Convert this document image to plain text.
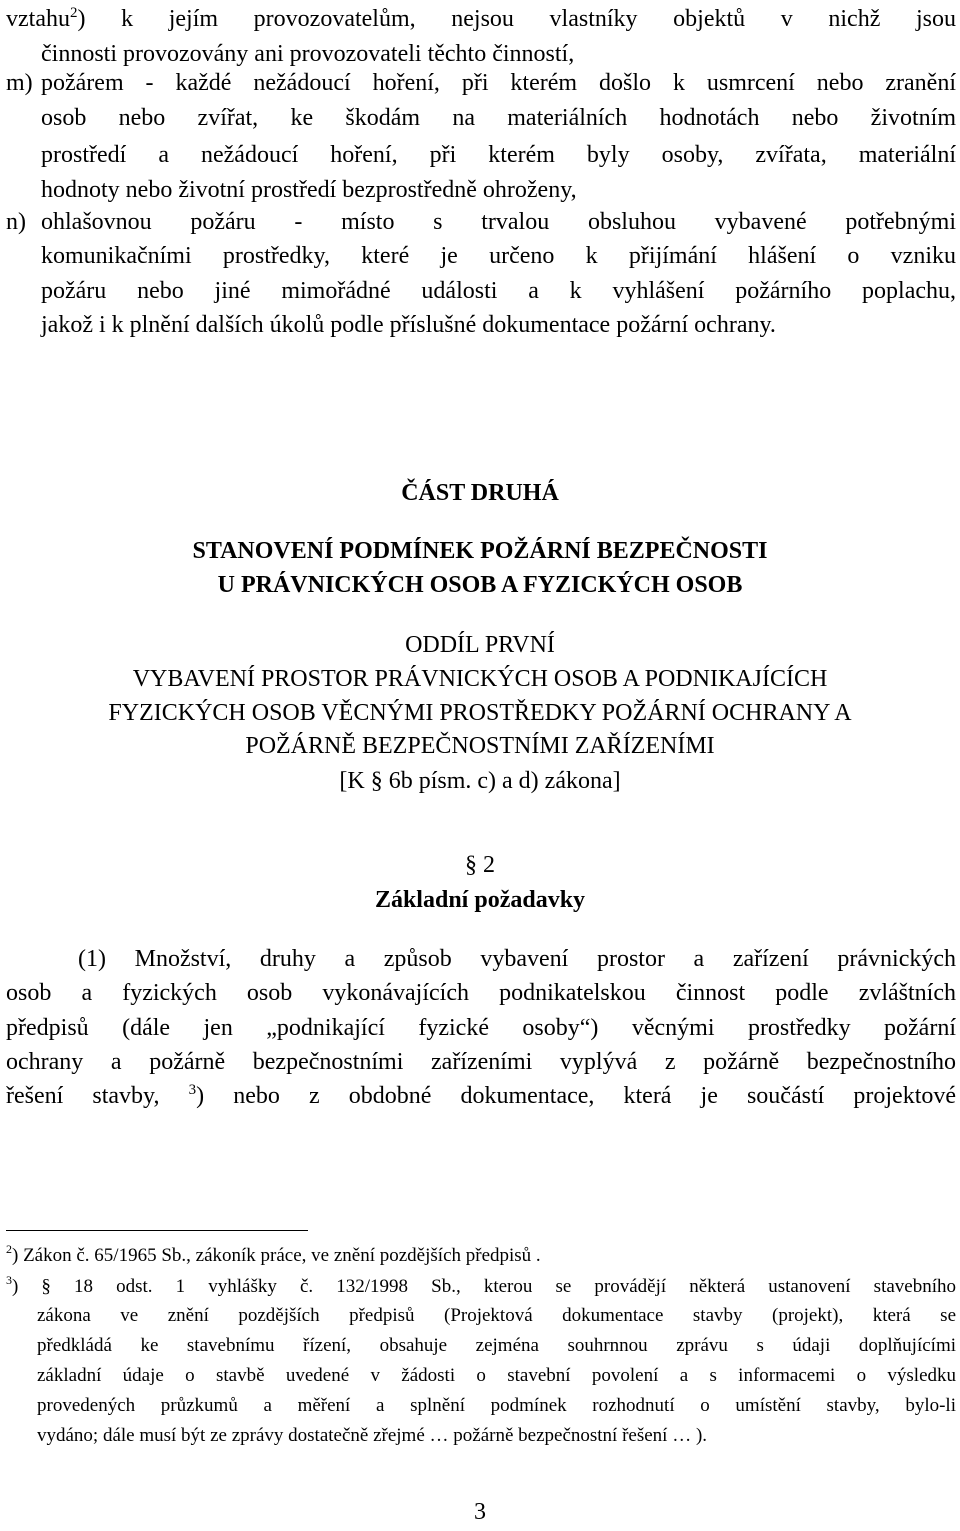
vztahu$^2$) k jejím provozovatelům, nejsou vlastníky objektů v nichž jsou
činnosti provozovány ani provozovateli těchto činností,
m) požárem - každé nežádoucí hoření, při kterém došlo k usmrcení nebo zranění
osob nebo zvířat, ke škodám na materiálních hodnotách nebo životním
prostředí a nežádoucí hoření, při kterém byly osoby, zvířata, materiální
hodnoty nebo životní prostředí bezprostředně ohroženy,
n) ohlašovnou požáru - místo s trvalou obsluhou vybavené potřebnými
komunikačními prostředky, které je určeno k přijímání hlášení o vzniku
požáru nebo jiné mimořádné události a k vyhlášení požárního poplachu,
jakož i k plnění dalších úkolů podle příslušné dokumentace požární ochrany.
ČÁST DRUHÁ
STANOVENÍ PODMÍNEK POŽÁRNÍ BEZPEČNOSTI
U PRÁVNICKÝCH OSOB A FYZICKÝCH OSOB
ODDÍL PRVNÍ
VYBAVENÍ PROSTOR PRÁVNICKÝCH OSOB A PODNIKAJÍCÍCH
FYZICKÝCH OSOB VĚCNÝMI PROSTŘEDKY POŽÁRNÍ OCHRANY A
POŽÁRNĚ BEZPEČNOSTNÍMI ZAŘÍZENÍMI
[K § 6b písm. c) a d) zákona]
§ 2
Základní požadavky
(1) Množství, druhy a způsob vybavení prostor a zařízení právnických
osob a fyzických osob vykonávajících podnikatelskou činnost podle zvláštních
předpisů (dále jen „podnikající fyzické osoby“) věcnými prostředky požární
ochrany a požárně bezpečnostními zařízeními vyplývá z požárně bezpečnostního
řešení stavby, $^3$) nebo z obdobné dokumentace, která je součástí projektové
$^2$) Zákon č. 65/1965 Sb., zákoník práce, ve znění pozdějších předpisů .
$^3$) § 18 odst. 1 vyhlášky č. 132/1998 Sb., kterou se provádějí některá ustanovení stavebního
zákona ve znění pozdějších předpisů (Projektová dokumentace stavby (projekt), která se
předkládá ke stavebnímu řízení, obsahuje zejména souhrnnou zprávu s údaji doplňujícími
základní údaje o stavbě uvedené v žádosti o stavební povolení a s informacemi o výsledku
provedených průzkumů a měření a splnění podmínek rozhodnutí o umístění stavby, bylo-li
vydáno; dále musí být ze zprávy dostatečně zřejmé … požárně bezpečnostní řešení … ).
3
